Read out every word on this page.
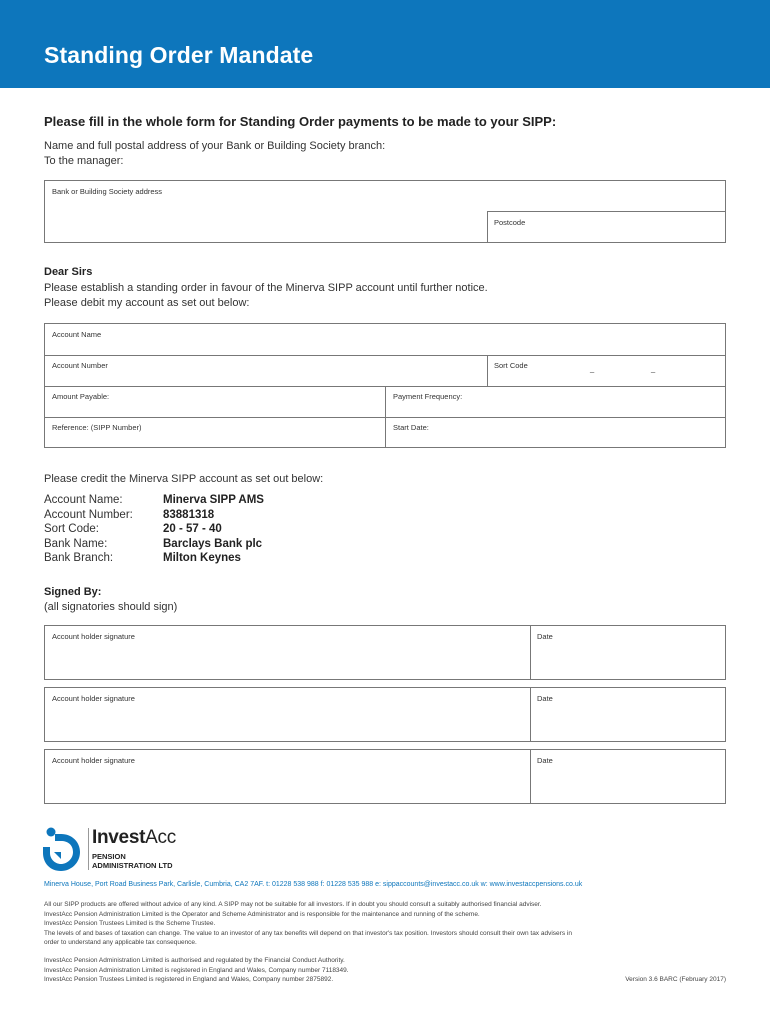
Standing Order Mandate
Please fill in the whole form for Standing Order payments to be made to your SIPP:
Name and full postal address of your Bank or Building Society branch:
To the manager:
Bank or Building Society address
Postcode
Dear Sirs
Please establish a standing order in favour of the Minerva SIPP account until further notice.
Please debit my account as set out below:
Account Name
Account Number	Sort Code	_	_
Amount Payable:	Payment Frequency:
Reference: (SIPP Number)	Start Date:
Please credit the Minerva SIPP account as set out below:
Account Name:	Minerva SIPP AMS
Account Number:	83881318
Sort Code:	20 - 57 - 40
Bank Name:	Barclays Bank plc
Bank Branch:	Milton Keynes
Signed By:
(all signatories should sign)
Account holder signature	Date
Account holder signature	Date
Account holder signature	Date
InvestAcc
PENSION
ADMINISTRATION LTD
Minerva House, Port Road Business Park, Carlisle, Cumbria, CA2 7AF. t: 01228 538 988 f: 01228 535 988 e: sippaccounts@investacc.co.uk w: www.investaccpensions.co.uk
All our SIPP products are offered without advice of any kind. A SIPP may not be suitable for all investors. If in doubt you should consult a suitably authorised financial adviser.
InvestAcc Pension Administration Limited is the Operator and Scheme Administrator and is responsible for the maintenance and running of the scheme.
InvestAcc Pension Trustees Limited is the Scheme Trustee.
The levels of and bases of taxation can change. The value to an investor of any tax benefits will depend on that investor's tax position. Investors should consult their own tax advisers in
order to understand any applicable tax consequence.
InvestAcc Pension Administration Limited is authorised and regulated by the Financial Conduct Authority.
InvestAcc Pension Administration Limited is registered in England and Wales, Company number 7118349.
InvestAcc Pension Trustees Limited is registered in England and Wales, Company number 2875892.	Version 3.6 BARC (February 2017)
